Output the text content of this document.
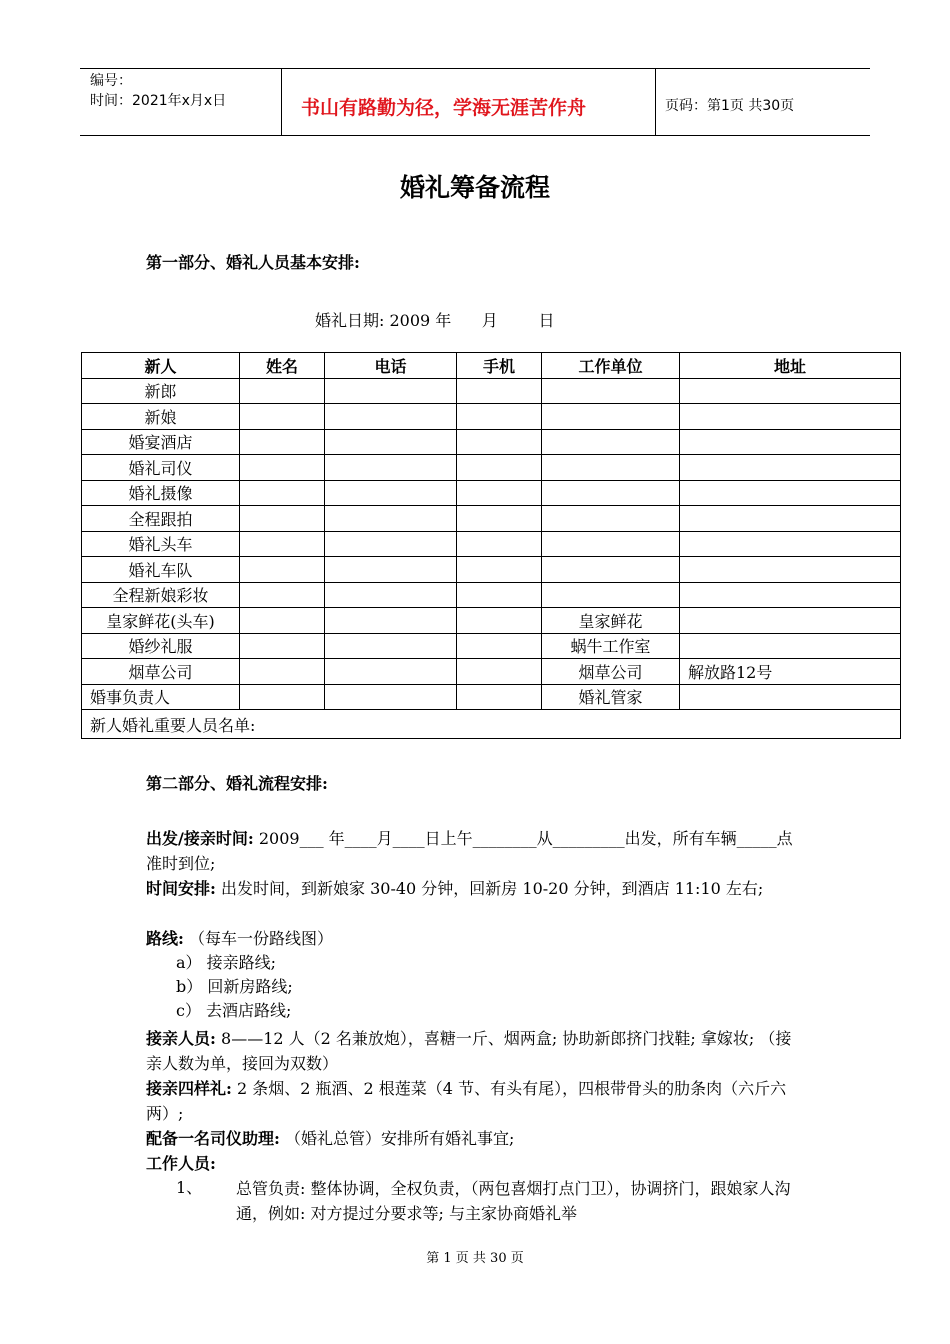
编号：
时间：2021年x月x日	书山有路勤为径，学海无涯苦作舟	页码：第1页 共30页
婚礼筹备流程
第一部分、婚礼人员基本安排:
婚礼日期: 2009 年      月        日
新人	姓名	电话	手机	工作单位	地址
新郎					
新娘					
婚宴酒店					
婚礼司仪					
婚礼摄像					
全程跟拍					
婚礼头车					
婚礼车队					
全程新娘彩妆					
皇家鲜花(头车)				皇家鲜花	
婚纱礼服				蜗牛工作室	
烟草公司				烟草公司	解放路12号
婚事负责人				婚礼管家	
新人婚礼重要人员名单:					
第二部分、婚礼流程安排:
出发/接亲时间: 2009___ 年____月____日上午________从_________出发，所有车辆_____点准时到位;
时间安排: 出发时间，到新娘家 30-40 分钟，回新房 10-20 分钟，到酒店 11:10 左右;
路线: （每车一份路线图）
a） 接亲路线;
b） 回新房路线;
c） 去酒店路线;
接亲人员: 8——12 人（2 名兼放炮），喜糖一斤、烟两盒; 协助新郎挤门找鞋; 拿嫁妆; （接亲人数为单，接回为双数）
接亲四样礼: 2 条烟、2 瓶酒、2 根莲菜（4 节、有头有尾），四根带骨头的肋条肉（六斤六两）;
配备一名司仪助理: （婚礼总管）安排所有婚礼事宜;
工作人员:
1、 总管负责: 整体协调，全权负责，（两包喜烟打点门卫），协调挤门，跟娘家人沟通，例如: 对方提过分要求等; 与主家协商婚礼举
第 1 页 共 30 页
